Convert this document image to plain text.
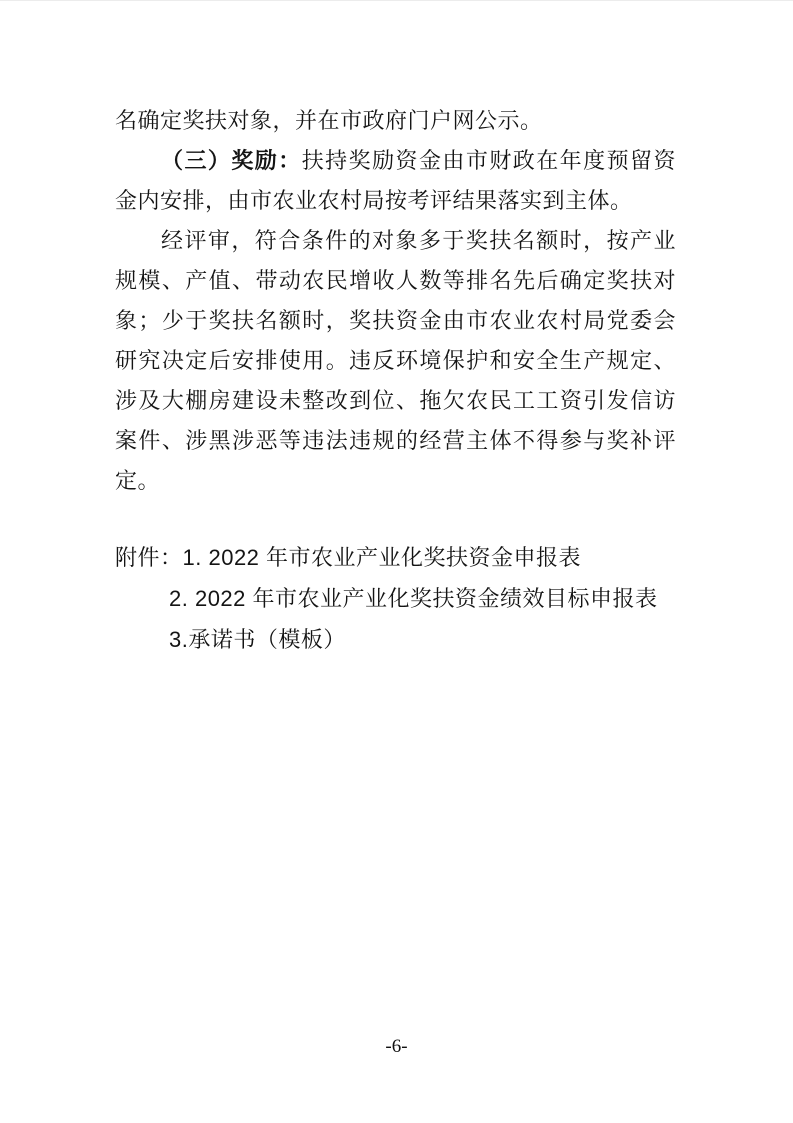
名确定奖扶对象，并在市政府门户网公示。

（三）奖励：扶持奖励资金由市财政在年度预留资金内安排，由市农业农村局按考评结果落实到主体。

经评审，符合条件的对象多于奖扶名额时，按产业规模、产值、带动农民增收人数等排名先后确定奖扶对象；少于奖扶名额时，奖扶资金由市农业农村局党委会研究决定后安排使用。违反环境保护和安全生产规定、涉及大棚房建设未整改到位、拖欠农民工工资引发信访案件、涉黑涉恶等违法违规的经营主体不得参与奖补评定。

附件：1. 2022 年市农业产业化奖扶资金申报表
2. 2022 年市农业产业化奖扶资金绩效目标申报表
3.承诺书（模板）
-6-
